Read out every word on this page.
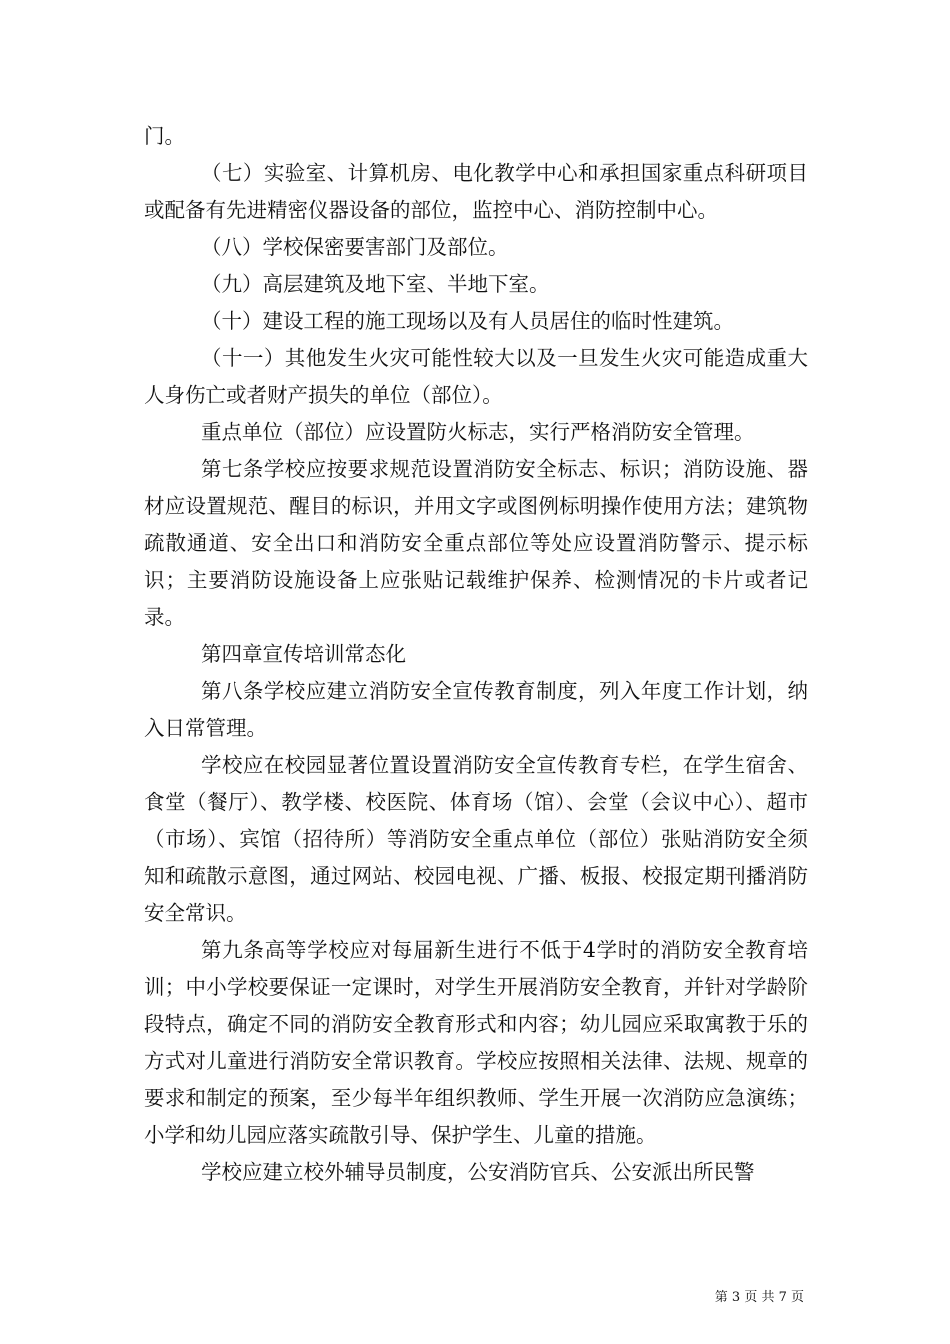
门。

（七）实验室、计算机房、电化教学中心和承担国家重点科研项目或配备有先进精密仪器设备的部位，监控中心、消防控制中心。

（八）学校保密要害部门及部位。

（九）高层建筑及地下室、半地下室。

（十）建设工程的施工现场以及有人员居住的临时性建筑。

（十一）其他发生火灾可能性较大以及一旦发生火灾可能造成重大人身伤亡或者财产损失的单位（部位）。

重点单位（部位）应设置防火标志，实行严格消防安全管理。

第七条学校应按要求规范设置消防安全标志、标识；消防设施、器材应设置规范、醒目的标识，并用文字或图例标明操作使用方法；建筑物疏散通道、安全出口和消防安全重点部位等处应设置消防警示、提示标识；主要消防设施设备上应张贴记载维护保养、检测情况的卡片或者记录。

第四章宣传培训常态化

第八条学校应建立消防安全宣传教育制度，列入年度工作计划，纳入日常管理。

学校应在校园显著位置设置消防安全宣传教育专栏，在学生宿舍、食堂（餐厅）、教学楼、校医院、体育场（馆）、会堂（会议中心）、超市（市场）、宾馆（招待所）等消防安全重点单位（部位）张贴消防安全须知和疏散示意图，通过网站、校园电视、广播、板报、校报定期刊播消防安全常识。

第九条高等学校应对每届新生进行不低于4学时的消防安全教育培训；中小学校要保证一定课时，对学生开展消防安全教育，并针对学龄阶段特点，确定不同的消防安全教育形式和内容；幼儿园应采取寓教于乐的方式对儿童进行消防安全常识教育。学校应按照相关法律、法规、规章的要求和制定的预案，至少每半年组织教师、学生开展一次消防应急演练；小学和幼儿园应落实疏散引导、保护学生、儿童的措施。

学校应建立校外辅导员制度，公安消防官兵、公安派出所民警

第 3 页 共 7 页
